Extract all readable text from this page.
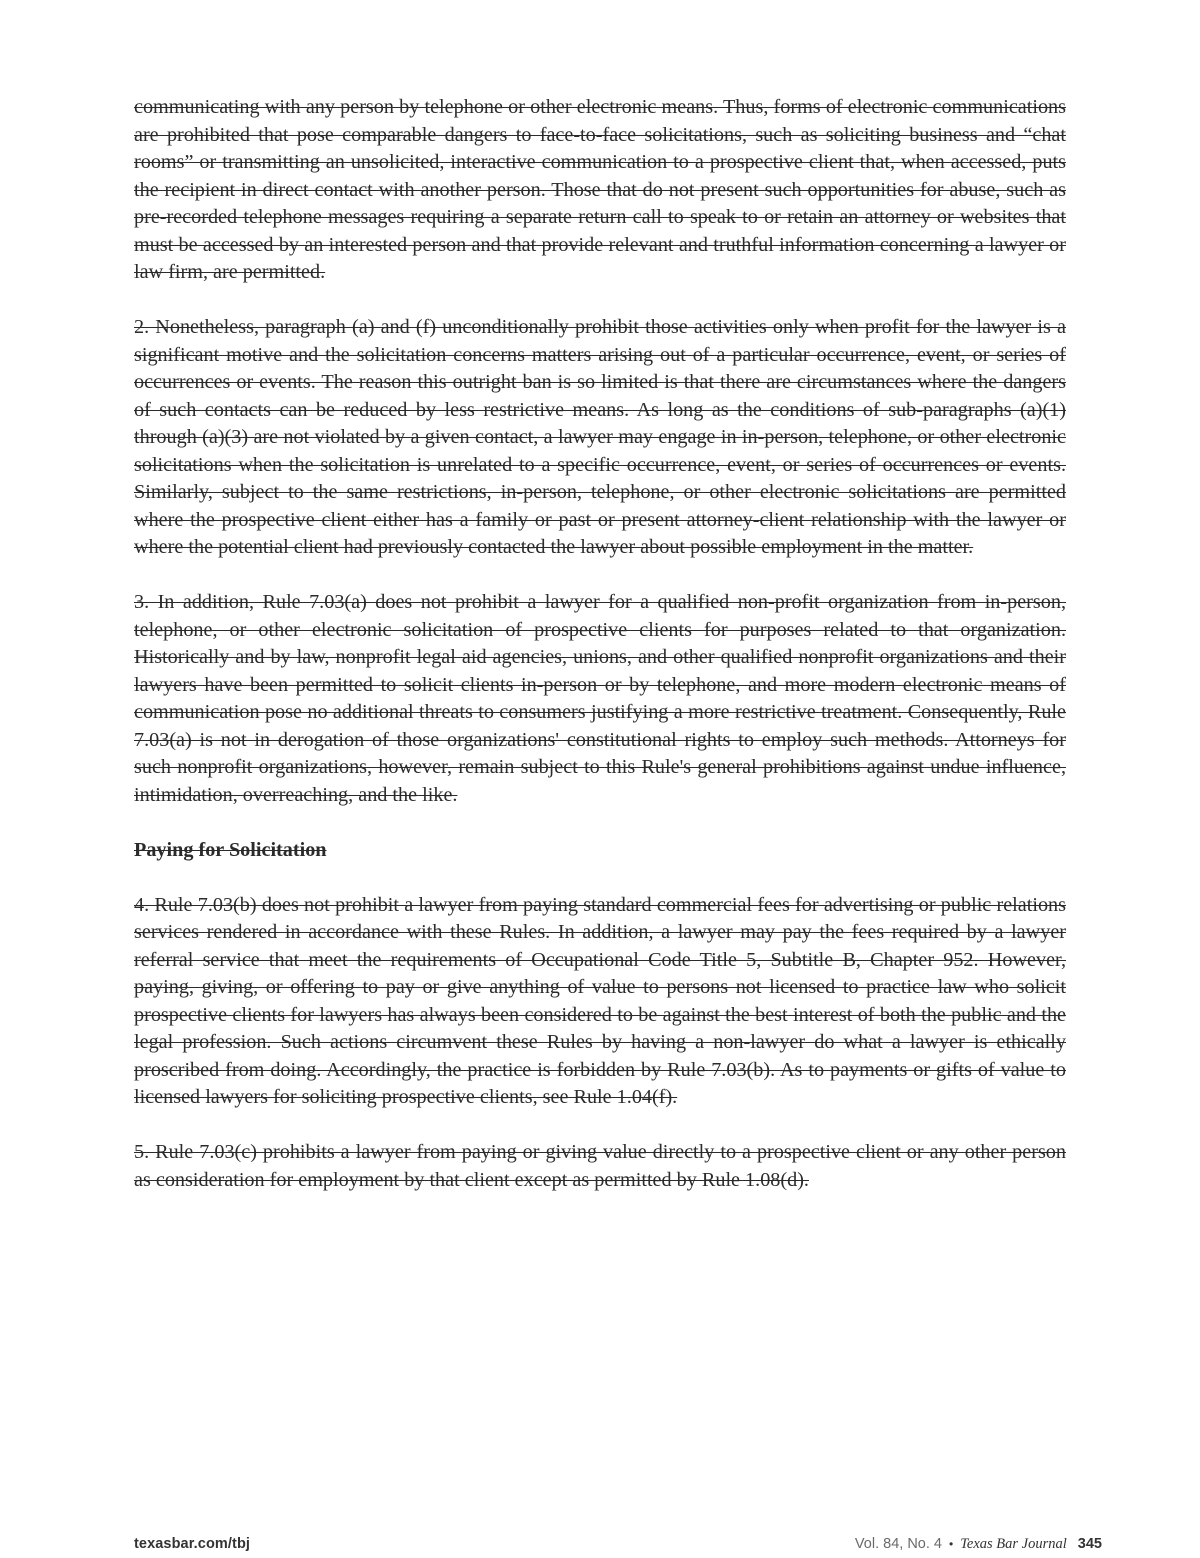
communicating with any person by telephone or other electronic means. Thus, forms of electronic communications are prohibited that pose comparable dangers to face-to-face solicitations, such as soliciting business and “chat rooms” or transmitting an unsolicited, interactive communication to a prospective client that, when accessed, puts the recipient in direct contact with another person. Those that do not present such opportunities for abuse, such as pre-recorded telephone messages requiring a separate return call to speak to or retain an attorney or websites that must be accessed by an interested person and that provide relevant and truthful information concerning a lawyer or law firm, are permitted.

2. Nonetheless, paragraph (a) and (f) unconditionally prohibit those activities only when profit for the lawyer is a significant motive and the solicitation concerns matters arising out of a particular occurrence, event, or series of occurrences or events. The reason this outright ban is so limited is that there are circumstances where the dangers of such contacts can be reduced by less restrictive means. As long as the conditions of sub-paragraphs (a)(1) through (a)(3) are not violated by a given contact, a lawyer may engage in in-person, telephone, or other electronic solicitations when the solicitation is unrelated to a specific occurrence, event, or series of occurrences or events. Similarly, subject to the same restrictions, in-person, telephone, or other electronic solicitations are permitted where the prospective client either has a family or past or present attorney-client relationship with the lawyer or where the potential client had previously contacted the lawyer about possible employment in the matter.

3. In addition, Rule 7.03(a) does not prohibit a lawyer for a qualified non-profit organization from in-person, telephone, or other electronic solicitation of prospective clients for purposes related to that organization. Historically and by law, nonprofit legal aid agencies, unions, and other qualified nonprofit organizations and their lawyers have been permitted to solicit clients in-person or by telephone, and more modern electronic means of communication pose no additional threats to consumers justifying a more restrictive treatment. Consequently, Rule 7.03(a) is not in derogation of those organizations' constitutional rights to employ such methods. Attorneys for such nonprofit organizations, however, remain subject to this Rule's general prohibitions against undue influence, intimidation, overreaching, and the like.

Paying for Solicitation

4. Rule 7.03(b) does not prohibit a lawyer from paying standard commercial fees for advertising or public relations services rendered in accordance with these Rules. In addition, a lawyer may pay the fees required by a lawyer referral service that meet the requirements of Occupational Code Title 5, Subtitle B, Chapter 952. However, paying, giving, or offering to pay or give anything of value to persons not licensed to practice law who solicit prospective clients for lawyers has always been considered to be against the best interest of both the public and the legal profession. Such actions circumvent these Rules by having a non-lawyer do what a lawyer is ethically proscribed from doing. Accordingly, the practice is forbidden by Rule 7.03(b). As to payments or gifts of value to licensed lawyers for soliciting prospective clients, see Rule 1.04(f).

5. Rule 7.03(c) prohibits a lawyer from paying or giving value directly to a prospective client or any other person as consideration for employment by that client except as permitted by Rule 1.08(d).

texasbar.com/tbj	Vol. 84, No. 4 • Texas Bar Journal 345
